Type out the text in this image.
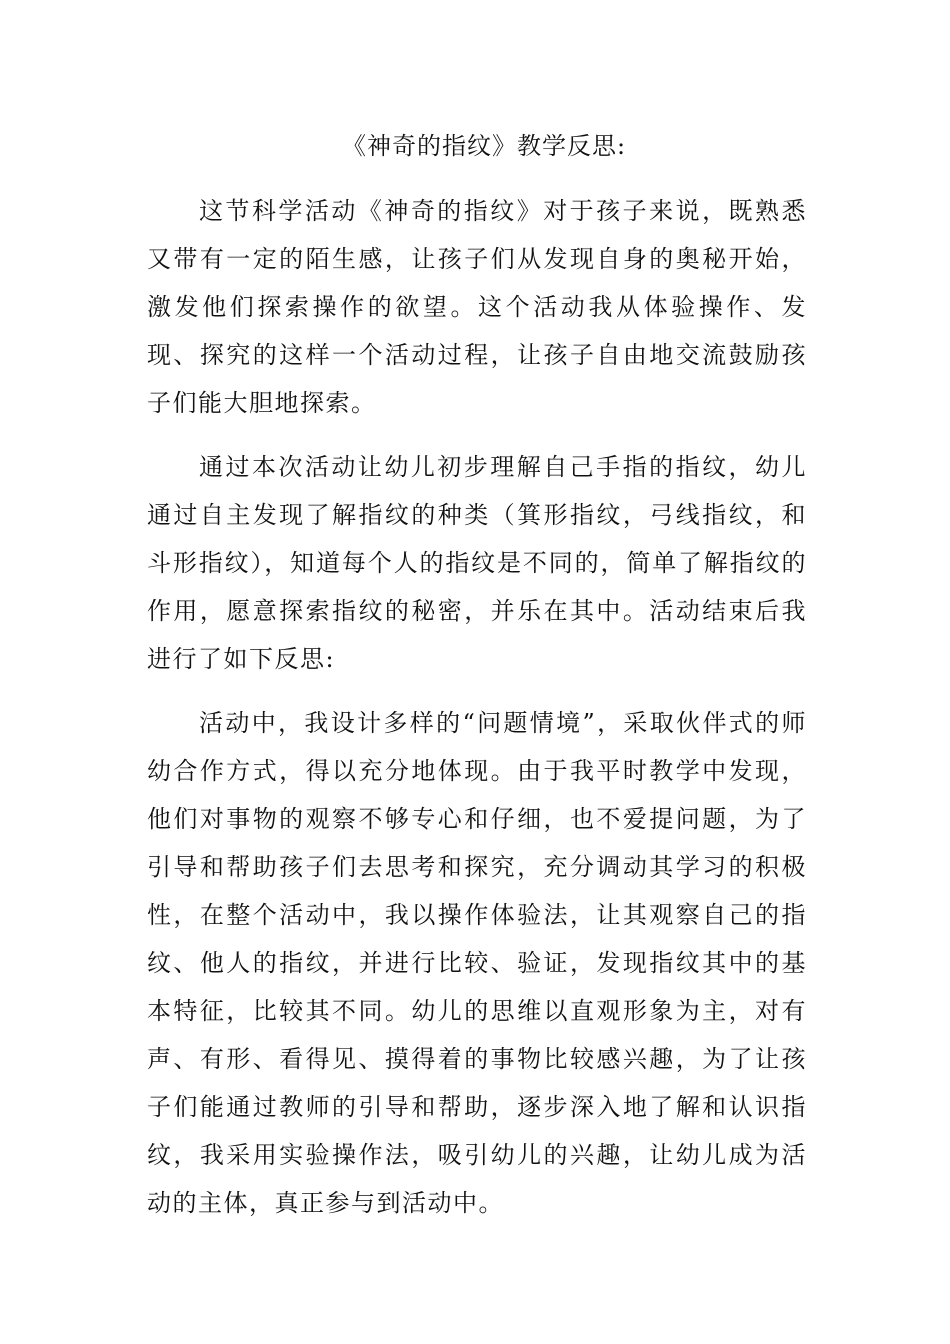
《神奇的指纹》教学反思:

这节科学活动《神奇的指纹》对于孩子来说，既熟悉又带有一定的陌生感，让孩子们从发现自身的奥秘开始，激发他们探索操作的欲望。这个活动我从体验操作、发现、探究的这样一个活动过程，让孩子自由地交流鼓励孩子们能大胆地探索。

通过本次活动让幼儿初步理解自己手指的指纹，幼儿通过自主发现了解指纹的种类（箕形指纹，弓线指纹，和斗形指纹），知道每个人的指纹是不同的，简单了解指纹的作用，愿意探索指纹的秘密，并乐在其中。活动结束后我进行了如下反思:

活动中，我设计多样的“问题情境”，采取伙伴式的师幼合作方式，得以充分地体现。由于我平时教学中发现，他们对事物的观察不够专心和仔细，也不爱提问题，为了引导和帮助孩子们去思考和探究，充分调动其学习的积极性，在整个活动中，我以操作体验法，让其观察自己的指纹、他人的指纹，并进行比较、验证，发现指纹其中的基本特征，比较其不同。幼儿的思维以直观形象为主，对有声、有形、看得见、摸得着的事物比较感兴趣，为了让孩子们能通过教师的引导和帮助，逐步深入地了解和认识指纹，我采用实验操作法，吸引幼儿的兴趣，让幼儿成为活动的主体，真正参与到活动中。
